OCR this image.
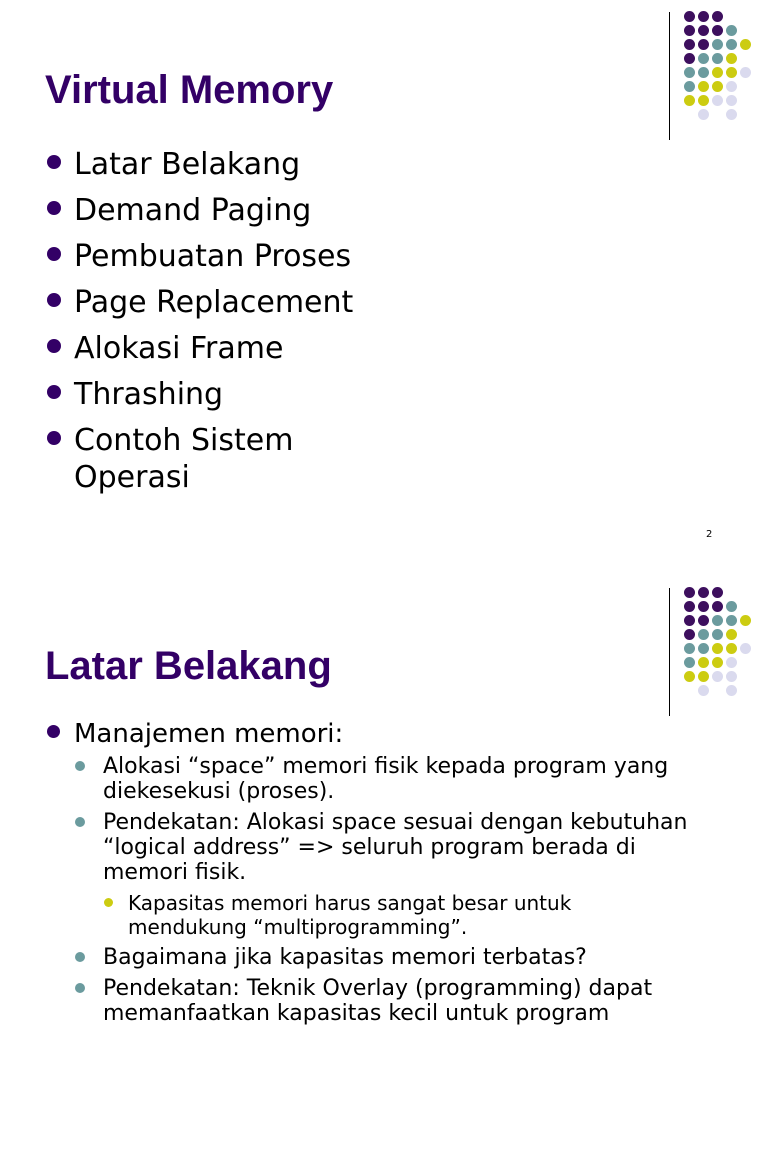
Virtual Memory
Latar Belakang
Demand Paging
Pembuatan Proses
Page Replacement
Alokasi Frame
Thrashing
Contoh Sistem Operasi
2
Latar Belakang
Manajemen memori:
Alokasi “space” memori fisik kepada program yang diekesekusi (proses).
Pendekatan: Alokasi space sesuai dengan kebutuhan “logical address” => seluruh program berada di memori fisik.
Kapasitas memori harus sangat besar untuk mendukung “multiprogramming”.
Bagaimana jika kapasitas memori terbatas?
Pendekatan: Teknik Overlay (programming) dapat memanfaatkan kapasitas kecil untuk program
